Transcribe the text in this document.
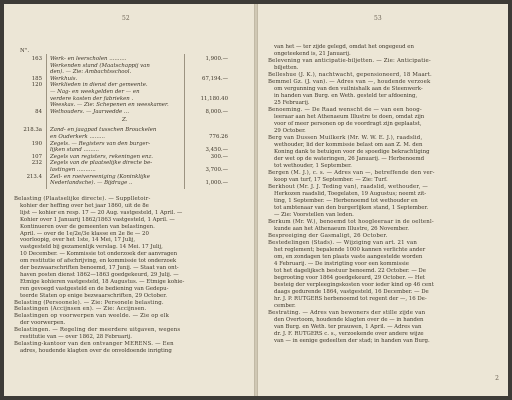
52
N°.
163 Werk- en leerscholen ..........	1,900.—
Werkenden stand (Maatschappij van
den). — Zie: Ambachtsschool.
185 Werkhuis.	67,194.—
120 Werklieden in dienst der gemeente.
— Nag- en weekgelden der — en
verdere kosten der fabrieken .	11,180.40
Weeskas. — Zie: Schepenen en weeskamer.
84 Wethouders. — Jaarwedde ...	8,000.—
Z.
218.3a Zand- en jaagpad tusschen Brouckelen
en Ouderkerk .........	776.26
190 Zegels. — Registers van den burger-
lijken stand .........	3,450.—
107 Zegels van registers, rekeningen enz.	300.—
232 Zegels van de plaatselijke directe be-
lastingen ...........	3,700.—
213.4 Zeil- en roeivereeniging (Koninklijke
Nederlandsche). — Bijdrage ..	1,000.—
Belasting (Plaatselijke directe). — Supplletoir-
kohier der heffing over het jaar 1860, uit de 8e
lijst — kohier en resp. 17 — 20 Aug. vastgesteld, 1 April. —
Kohier over 1 Januarij 1862/1863 vastgesteld, 1 April. —
Kontinueren over de gemeenten van belastingen.
April. — over de 1e/2e/3e klasse en 2e 8e — 20
voorloopig, over het 1ste, 14 Mei, 17 Julij,
vastgesteld bij gezamenlijk verslag. 14 Mei. 17 Julij,
10 December. — Kommissie tot onderzoek der aanvragen
om restitutie of afschrijving, en kommissie tot onderzoek
der bezwaarschriften benoemd, 17 Junij. — Staat van ont-
haven posten dienst 1862—1863 goedgekeurd, 29 Julij. —
Etmige kohieren vastgesteld, 18 Augustus. — Etmige kohie-
ren gevoegd vastgesteld en de bediening van Gedepu-
teerde Staten op enige bezwaarschriften, 29 October.
Belasting (Persoonele). — Zie: Personele belasting.
Belastingen (Accijnsen en). — Zie: Accijnsen.
Belastingen op voorwerpen van weelde. — Zie op elk
der voorwerpen.
Belastingen. — Regeling der meerdere uitgaven, wegens
restitutie van — over 1862, 28 Februarij.
Belasting-kantoor van den ontvanger MERENS. — Een
adres, houdende klagten over de onvoldoende inrigting
53
van het — ter zijde gelegd, omdat het ongegeud en
ongeteekend is, 21 Januarij.
Belevening van anticipatie-biljetten. — Zie: Anticipatie-
biljetten.
Belleshue (J. K.), nachtwacht, gepensioneerd, 18 Maart.
Bemmel Gz. (J. van). — Adres van —, houdende verzoek
om vergunning van den vuilnishalk aan de Steenwerk-
in handen van Burg. en Weth. gesteld ter afdoening,
25 Februarij.
Benoeming. — De Raad wenscht de — van een hoog-
leeraar aan het Athenaeum Illustre te doen, omdat zijn
voor of meer personen op de voordragt zijn geplaatst,
29 October.
Berg van Dussen Muilkerk (Mr. W. W. E. J.), raadslid,
wethouder, lid der kommissie belast om aan Z. M. den
Koning dank te betuigen voor de spoedige bekrachtiging
der wet op de wateringen, 26 Januarij. — Herbenoemd
tot wethouder, 1 September.
Bergen (M. J.), c. s. — Adres van —, betreffende den ver-
koop van turf, 17 September. — Zie: Turf.
Berkhout (Mr. J. J. Teding van), raadslid, wethouder, —
Herkozen raadslid, Toegelaten, 19 Augustus; neemt zit-
ting, 1 September. — Herbenoemd tot wethouder en
tot ambtenaar van den burgerlijken stand, 1 September.
— Zie: Voorstellen van leden.
Berkum (Mr. W.), benoemd tot hoogleeraar in de oeltenl-
kunde aan het Athenaeum Illustre, 26 November.
Bespreeiging der Gasmaligt, 26 October.
Bestedelingen (Stads). — Wijziging van art. 21 van
het reglement; bepalende 1000 kannen verlichte ander
om, en zondagen ten plaats vaste aangestelde worden
4 Februarij. — De instrigting voor een kommissie
tot het dagelijksch bestuur benoemd. 22 October. — De
begrooting voor 1864 goedgekeurd, 29 October. — Het
besteig der verpleegingskosten voor ieder kind op 46 cent
daags gedurende 1864, vastgesteld, 16 December. — De
hr. J. P. RUTGERS herbenoemd tot regent der —, 16 De-
cember.
Bestrating. — Adres van bewoners der stille zijde van
den Overtoom, houdende klagten over de — in handen
van Burg. en Weth. ter prauwen, 1 April. — Adres van
dr. J. F. RUTGERS c. s., verzoekende over andere wijze
van — in eenige gedeelten der stad; in handen van Burg.
2
